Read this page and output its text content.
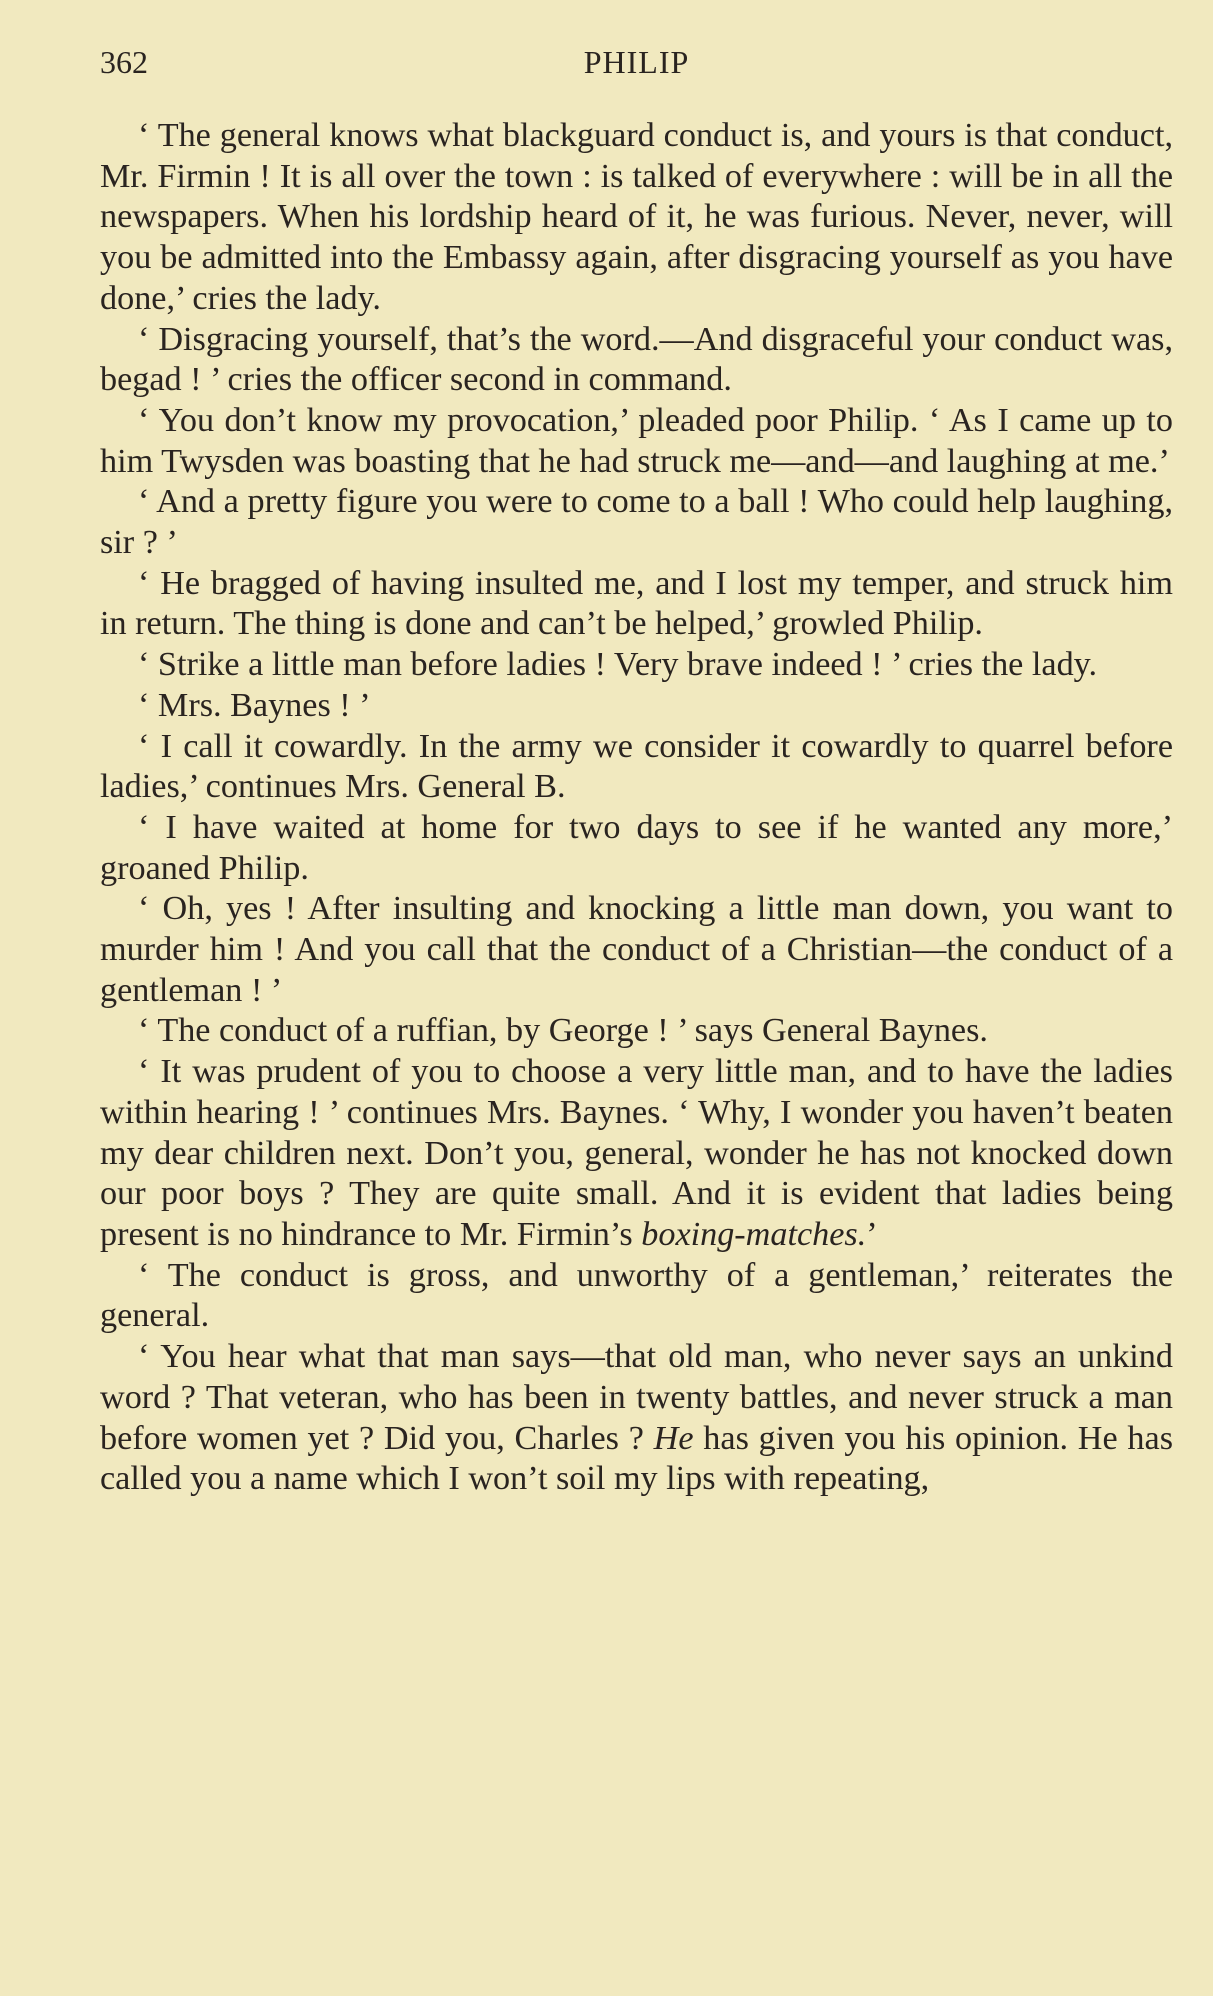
362	PHILIP

‘ The general knows what blackguard conduct is, and yours is that conduct, Mr. Firmin ! It is all over the town : is talked of everywhere : will be in all the newspapers. When his lordship heard of it, he was furious. Never, never, will you be admitted into the Embassy again, after disgracing yourself as you have done,’ cries the lady.

‘ Disgracing yourself, that’s the word.—And disgraceful your conduct was, begad ! ’ cries the officer second in command.

‘ You don’t know my provocation,’ pleaded poor Philip. ‘ As I came up to him Twysden was boasting that he had struck me—and—and laughing at me.’

‘ And a pretty figure you were to come to a ball ! Who could help laughing, sir ? ’

‘ He bragged of having insulted me, and I lost my temper, and struck him in return. The thing is done and can’t be helped,’ growled Philip.

‘ Strike a little man before ladies ! Very brave indeed ! ’ cries the lady.

‘ Mrs. Baynes ! ’

‘ I call it cowardly. In the army we consider it cowardly to quarrel before ladies,’ continues Mrs. General B.

‘ I have waited at home for two days to see if he wanted any more,’ groaned Philip.

‘ Oh, yes ! After insulting and knocking a little man down, you want to murder him ! And you call that the conduct of a Christian—the conduct of a gentleman ! ’

‘ The conduct of a ruffian, by George ! ’ says General Baynes.

‘ It was prudent of you to choose a very little man, and to have the ladies within hearing ! ’ continues Mrs. Baynes. ‘ Why, I wonder you haven’t beaten my dear children next. Don’t you, general, wonder he has not knocked down our poor boys ? They are quite small. And it is evident that ladies being present is no hindrance to Mr. Firmin’s boxing-matches.’

‘ The conduct is gross, and unworthy of a gentleman,’ reiterates the general.

‘ You hear what that man says—that old man, who never says an unkind word ? That veteran, who has been in twenty battles, and never struck a man before women yet ? Did you, Charles ? He has given you his opinion. He has called you a name which I won’t soil my lips with repeating,
